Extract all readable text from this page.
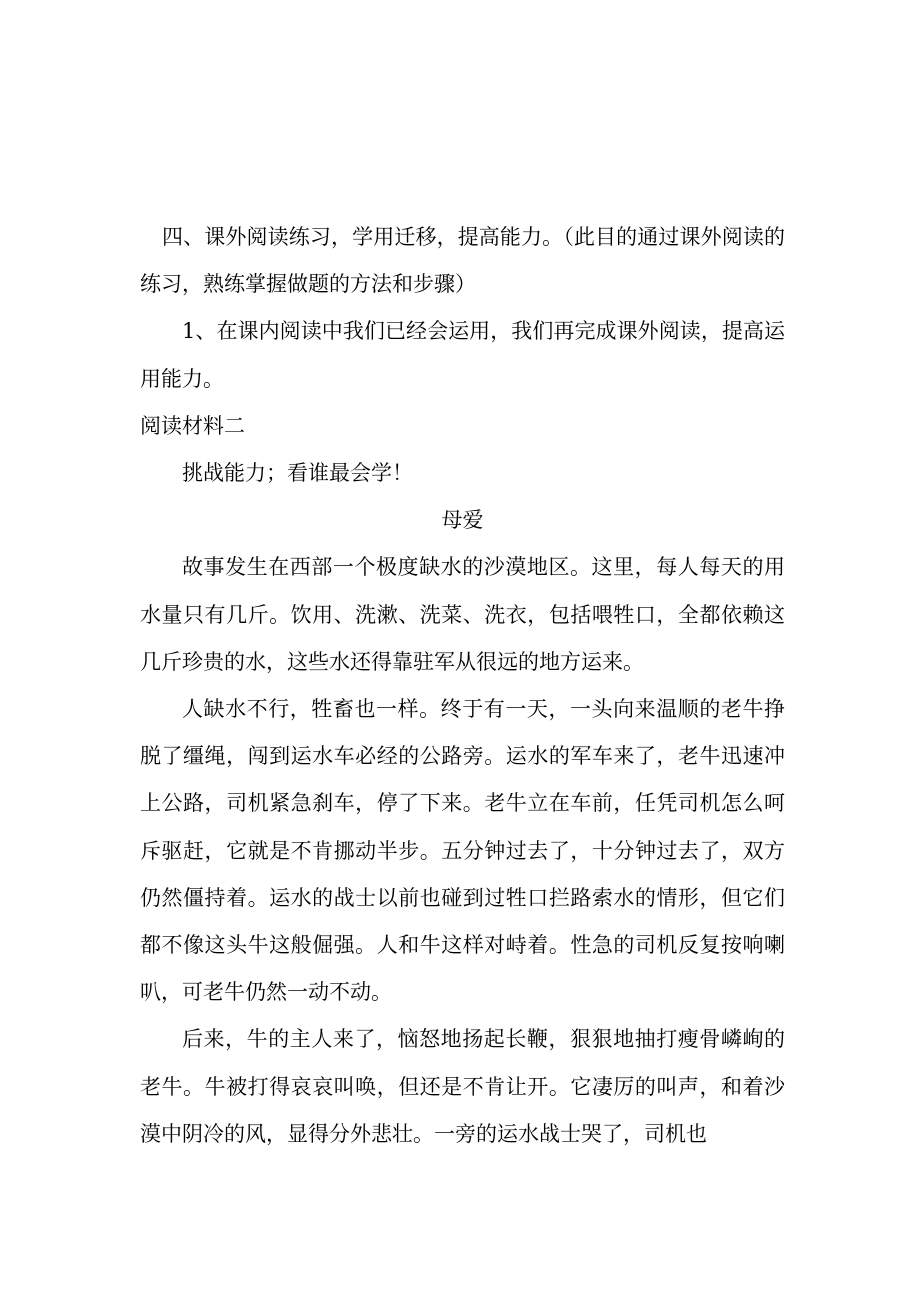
四、课外阅读练习，学用迁移，提高能力。（此目的通过课外阅读的练习，熟练掌握做题的方法和步骤）

1、在课内阅读中我们已经会运用，我们再完成课外阅读，提高运用能力。

阅读材料二

挑战能力；看谁最会学！

母爱

故事发生在西部一个极度缺水的沙漠地区。这里，每人每天的用水量只有几斤。饮用、洗漱、洗菜、洗衣，包括喂牲口，全都依赖这几斤珍贵的水，这些水还得靠驻军从很远的地方运来。

人缺水不行，牲畜也一样。终于有一天，一头向来温顺的老牛挣脱了缰绳，闯到运水车必经的公路旁。运水的军车来了，老牛迅速冲上公路，司机紧急刹车，停了下来。老牛立在车前，任凭司机怎么呵斥驱赶，它就是不肯挪动半步。五分钟过去了，十分钟过去了，双方仍然僵持着。运水的战士以前也碰到过牲口拦路索水的情形，但它们都不像这头牛这般倔强。人和牛这样对峙着。性急的司机反复按响喇叭，可老牛仍然一动不动。

后来，牛的主人来了，恼怒地扬起长鞭，狠狠地抽打瘦骨嶙峋的老牛。牛被打得哀哀叫唤，但还是不肯让开。它凄厉的叫声，和着沙漠中阴冷的风，显得分外悲壮。一旁的运水战士哭了，司机也
